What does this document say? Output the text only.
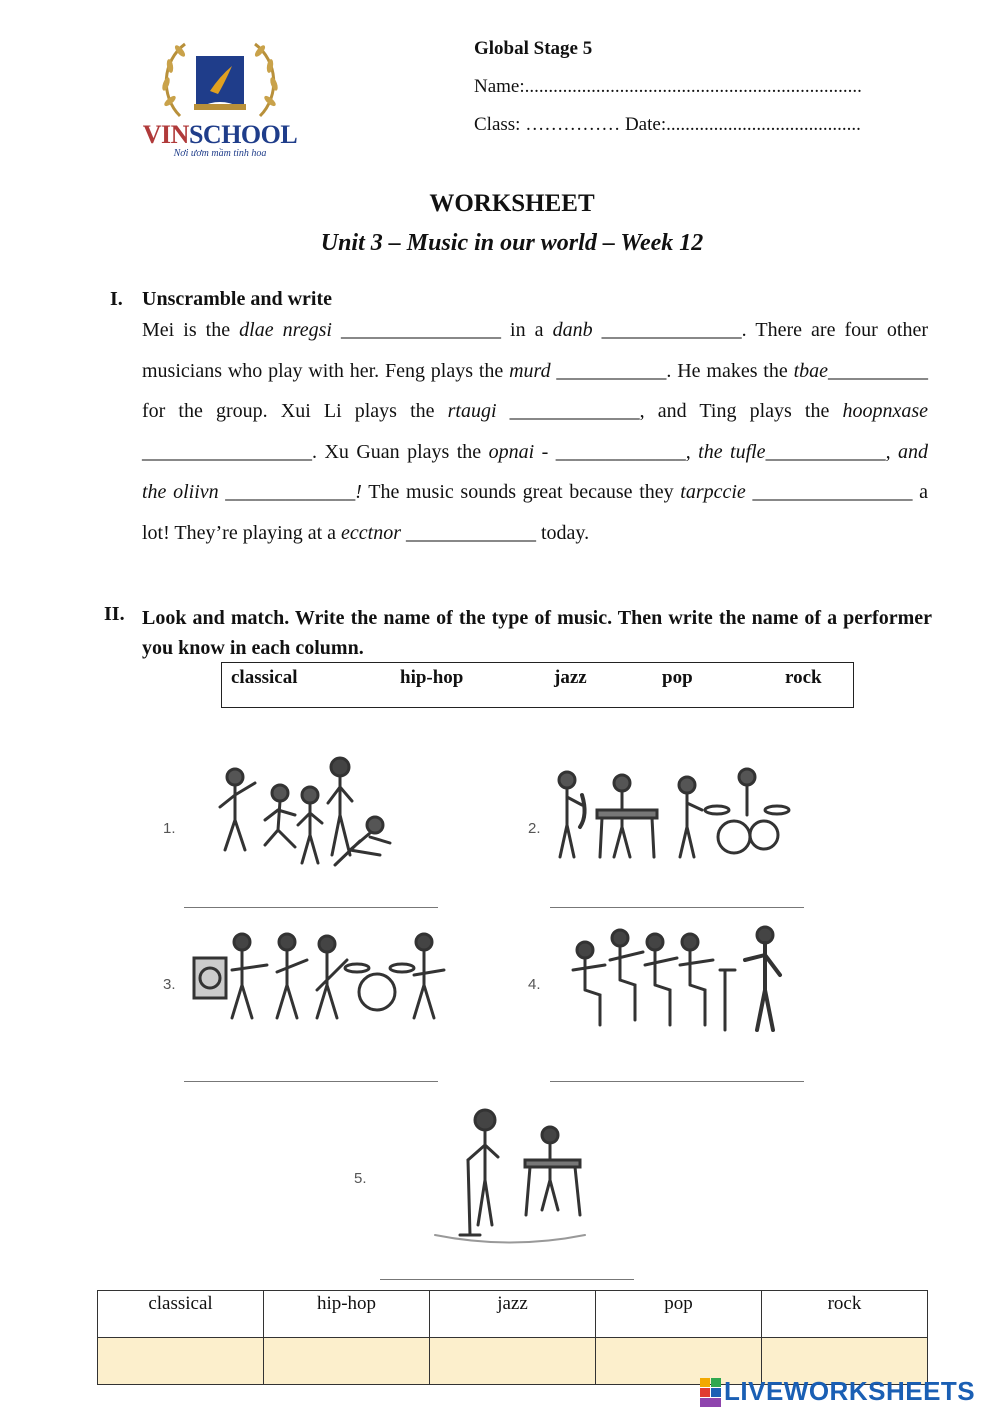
VINSCHOOL
Nơi ươm mầm tinh hoa
Global Stage 5
Name:.......................................................................
Class: …………… Date:.........................................
WORKSHEET
Unit 3 – Music in our world – Week 12
I. Unscramble and write
Mei is the dlae nregsi ________________ in a danb ______________. There are four other musicians who play with her. Feng plays the murd ___________. He makes the tbae__________ for the group. Xui Li plays the rtaugi _____________, and Ting plays the hoopnxase _________________. Xu Guan plays the opnai - _____________, the tufle____________, and the oliivn _____________! The music sounds great because they tarpccie ________________ a lot! They’re playing at a ecctnor _____________ today.
II. Look and match. Write the name of the type of music. Then write the name of a performer you know in each column.
classical	hip-hop	jazz	pop	rock
1.	2.
3.	4.
5.
classical	hip-hop	jazz	pop	rock

LIVEWORKSHEETS
